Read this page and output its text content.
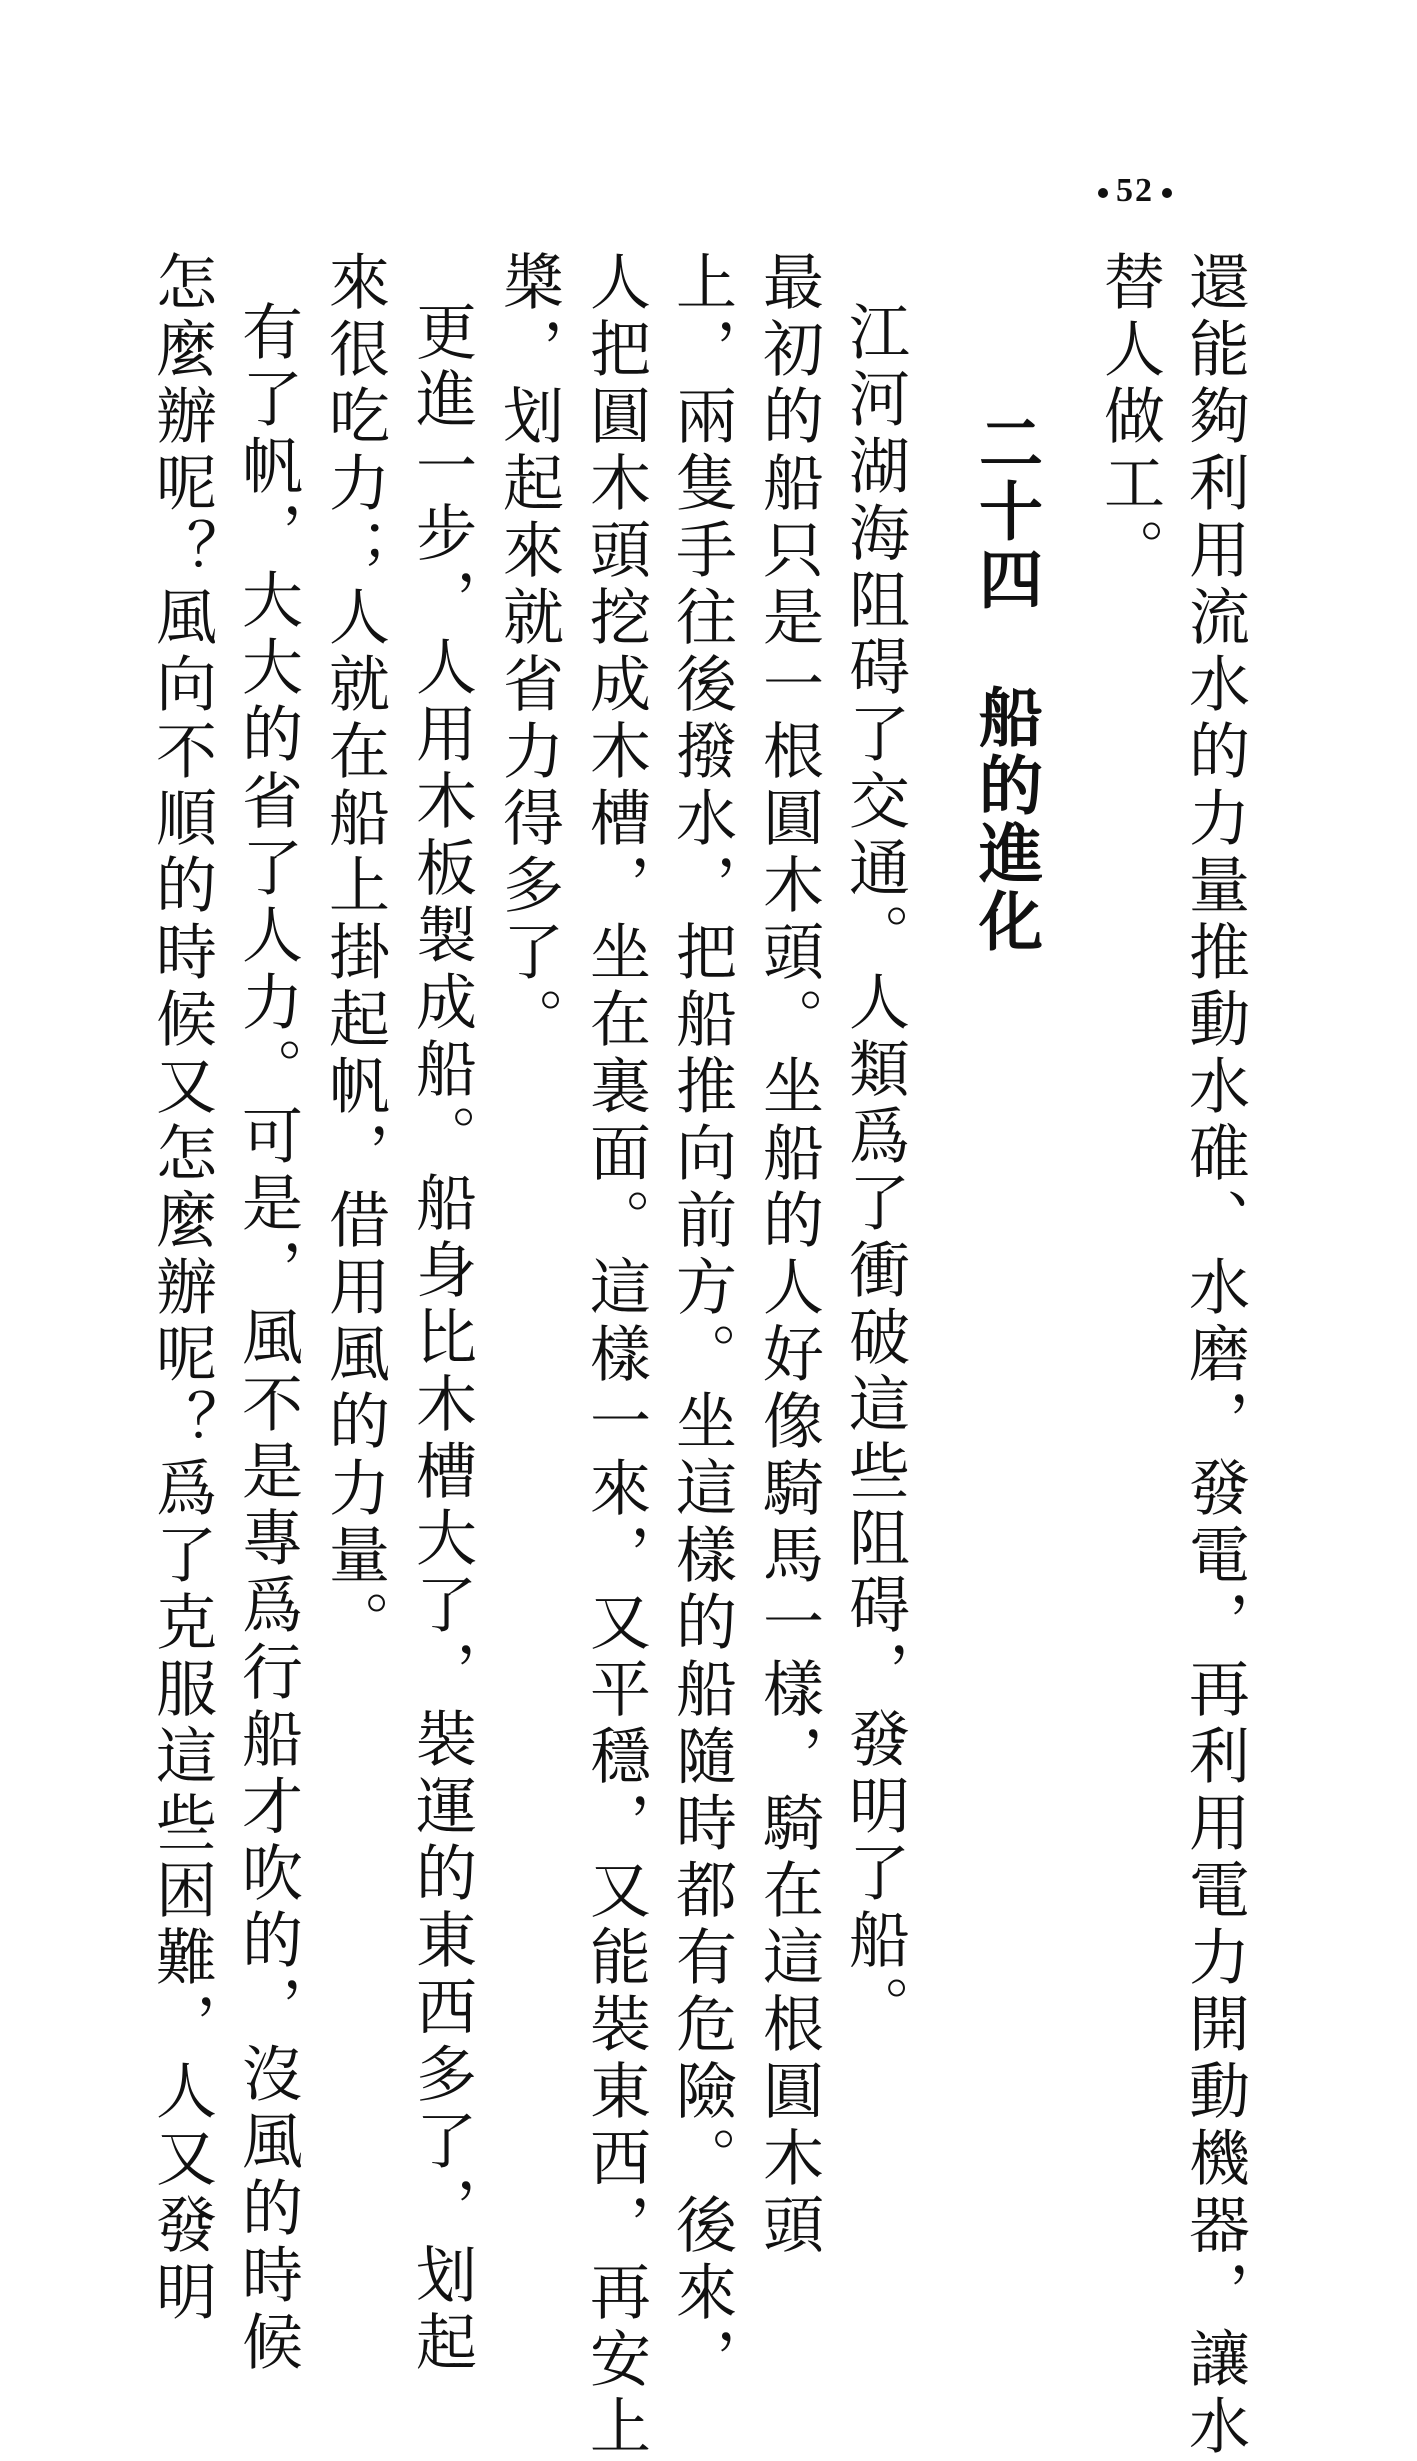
52
還能夠利用流水的力量推動水碓、水磨，發電，再利用電力開動機器，讓水
替人做工。
二十四船的進化
江河湖海阻碍了交通。人類爲了衝破這些阻碍，發明了船。
最初的船只是一根圓木頭。坐船的人好像騎馬一樣，騎在這根圓木頭
上，兩隻手往後撥水，把船推向前方。坐這樣的船隨時都有危險。後來，
人把圓木頭挖成木槽，坐在裏面。這樣一來，又平穩，又能裝東西，再安上
槳，划起來就省力得多了。
更進一步，人用木板製成船。船身比木槽大了，裝運的東西多了，划起
來很吃力；人就在船上掛起帆，借用風的力量。
有了帆，大大的省了人力。可是，風不是專爲行船才吹的，沒風的時候
怎麼辦呢？風向不順的時候又怎麼辦呢？爲了克服這些困難，人又發明
